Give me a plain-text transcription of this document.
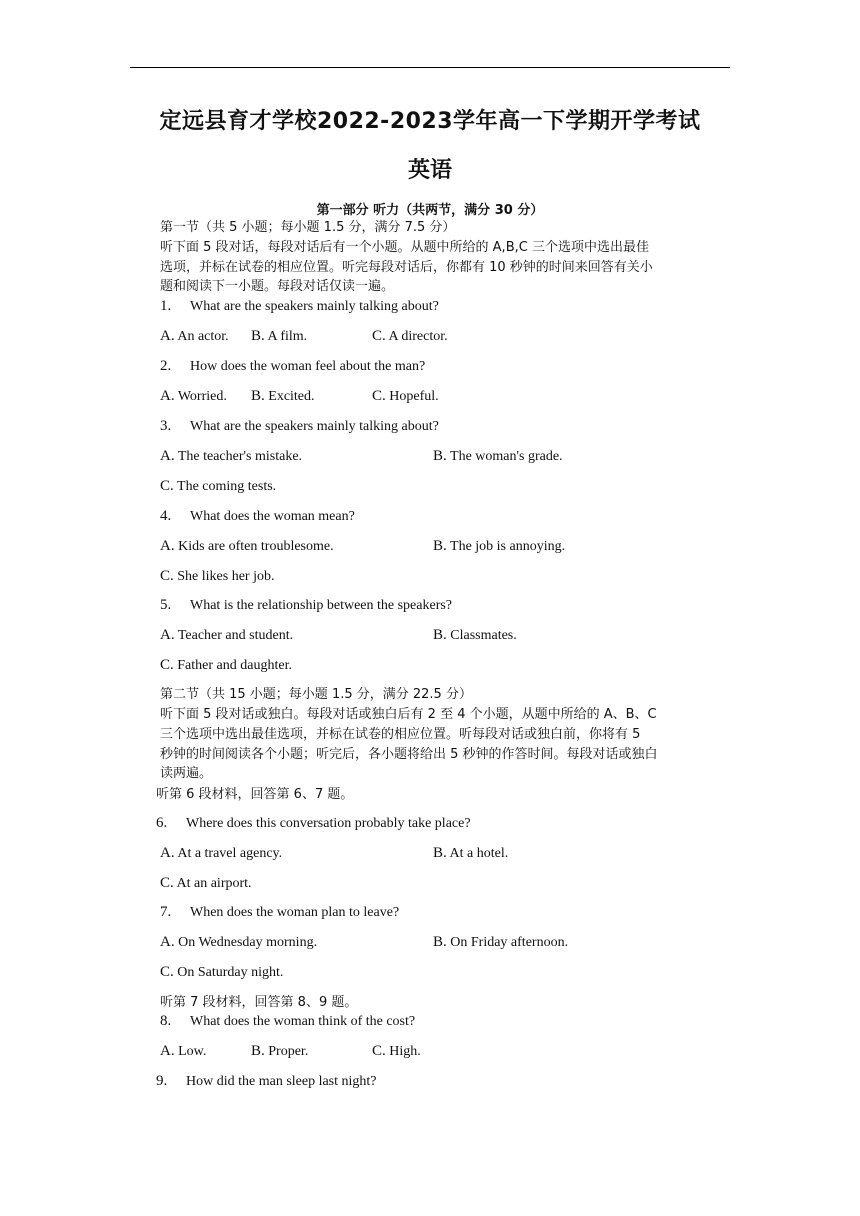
定远县育才学校2022-2023学年高一下学期开学考试
英语
第一部分 听力（共两节，满分 30 分）
第一节（共 5 小题；每小题 1.5 分，满分 7.5 分）
听下面 5 段对话，每段对话后有一个小题。从题中所给的 A,B,C 三个选项中选出最佳
选项，并标在试卷的相应位置。听完每段对话后，你都有 10 秒钟的时间来回答有关小
题和阅读下一小题。每段对话仅读一遍。
1. What are the speakers mainly talking about?
A. An actor. B. A film.	C. A director.
2. How does the woman feel about the man?
A. Worried. B. Excited.	C. Hopeful.
3. What are the speakers mainly talking about?
A. The teacher's mistake.	B. The woman's grade.
C. The coming tests.
4. What does the woman mean?
A. Kids are often troublesome.	B. The job is annoying.
C. She likes her job.
5. What is the relationship between the speakers?
A. Teacher and student.	B. Classmates.
C. Father and daughter.
第二节（共 15 小题；每小题 1.5 分，满分 22.5 分）
听下面 5 段对话或独白。每段对话或独白后有 2 至 4 个小题，从题中所给的 A、B、C
三个选项中选出最佳选项，并标在试卷的相应位置。听每段对话或独白前，你将有 5
秒钟的时间阅读各个小题；听完后，各小题将给出 5 秒钟的作答时间。每段对话或独白
读两遍。
听第 6 段材料，回答第 6、7 题。
6. Where does this conversation probably take place?
A. At a travel agency.	B. At a hotel.
C. At an airport.
7. When does the woman plan to leave?
A. On Wednesday morning.	B. On Friday afternoon.
C. On Saturday night.
听第 7 段材料，回答第 8、9 题。
8. What does the woman think of the cost?
A. Low.	B. Proper.	C. High.
9. How did the man sleep last night?
